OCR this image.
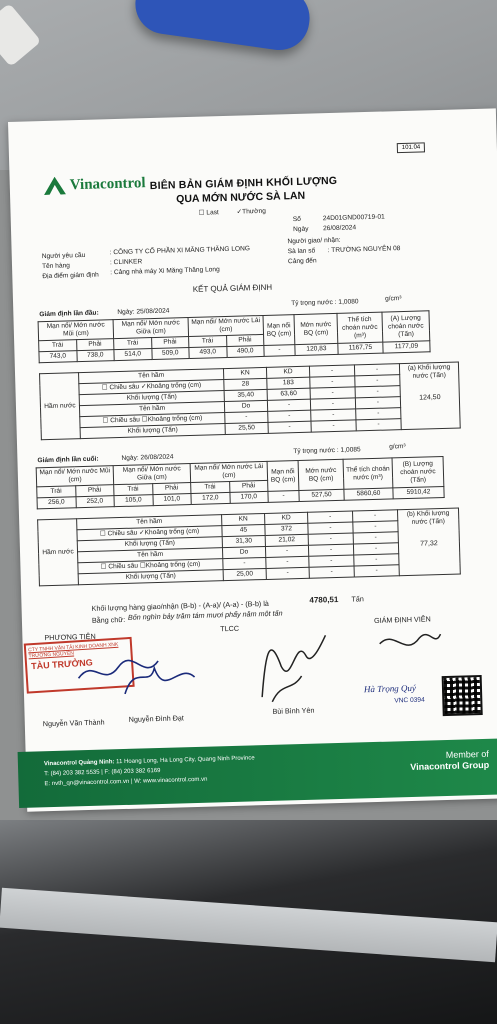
101.04
Vinacontrol BIÊN BẢN GIÁM ĐỊNH KHỐI LƯỢNG
QUA MỚN NƯỚC SÀ LAN
☐ Last	✓Thường
Số	24D01GND00719-01
Ngày 26/08/2024
Người yêu cầu	: CÔNG TY CỔ PHẦN XI MĂNG THĂNG LONG
Tên hàng	: CLINKER
Địa điểm giám định : Cảng nhà máy Xi Măng Thăng Long
Người giao/ nhận:
Sà lan số : TRƯỜNG NGUYÊN 08
Cảng đến
KẾT QUẢ GIÁM ĐỊNH
Giám định lần đầu:	Ngày: 25/08/2024
Tỷ trọng nước : 1,0080	g/cm³
Mạn nổi/ Mớn nước Mũi (cm)		Mạn nổi/ Mớn nước Giữa (cm)		Mạn nổi/ Mớn nước Lái (cm)		Mạn nổi BQ (cm)	Mớn nước BQ (cm)	Thể tích choán nước (m³)	(A) Lượng choán nước (Tấn)
Trái	Phải	Trái	Phải	Trái	Phải				
743,0	738,0	514,0	509,0	493,0	490,0	-	120,83	1167,75	1177,09
Hầm nước	Tên hầm	KN	KD	-	-	(a) Khối lượng nước (Tấn)
124,50

	☐ Chiều sâu ✓Khoảng trống (cm)	28	183	-	-	
	Khối lượng (Tấn)	35,40	63,60	-	-	
	Tên hầm	Do	-	-	-	
	☐ Chiều sâu ☐Khoảng trống (cm)	-	-	-	-	
	Khối lượng (Tấn)	25,50	-	-	-	
Giám định lần cuối:	Ngày: 26/08/2024
Tỷ trọng nước : 1,0085	g/cm³
Mạn nổi/ Mớn nước Mũi (cm)		Mạn nổi/ Mớn nước Giữa (cm)		Mạn nổi/ Mớn nước Lái (cm)		Mạn nổi BQ (cm)	Mớn nước BQ (cm)	Thể tích choán nước (m³)	(B) Lượng choán nước (Tấn)
Trái	Phải	Trái	Phải	Trái	Phải				
256,0	252,0	105,0	101,0	172,0	170,0	-	527,50	5860,60	5910,42
Hầm nước	Tên hầm	KN	KD	-	-	(b) Khối lượng nước (Tấn)
77,32

	☐ Chiều sâu ✓Khoảng trống (cm)	45	372	-	-	
	Khối lượng (Tấn)	31,30	21,02	-	-	
	Tên hầm	Do	-	-	-	
	☐ Chiều sâu ☐Khoảng trống (cm)	-	-	-	-	
	Khối lượng (Tấn)	25,00	-	-	-	
Khối lượng hàng giao/nhận (B-b) - (A-a)/ (A-a) - (B-b) là	4780,51 Tấn
Bằng chữ: Bốn nghìn bảy trăm tám mươi phẩy năm một tấn
PHƯƠNG TIỆN
TLCC
GIÁM ĐỊNH VIÊN
CTY TNHH VẬN TẢI KINH DOANH XNK TRƯỜNG NGUYÊN
TÀU TRƯỞNG
Hà Trọng Quý
VNC 0394
Nguyễn Văn Thành	Nguyễn Đình Đạt
Bùi Bình Yên
Vinacontrol Quảng Ninh: 11 Hoang Long, Ha Long City, Quang Ninh Province
T: (84) 203 382 5535 | F: (84) 203 382 6169
E: nvth_qn@vinacontrol.com.vn | W: www.vinacontrol.com.vn
Member of
Vinacontrol Group
